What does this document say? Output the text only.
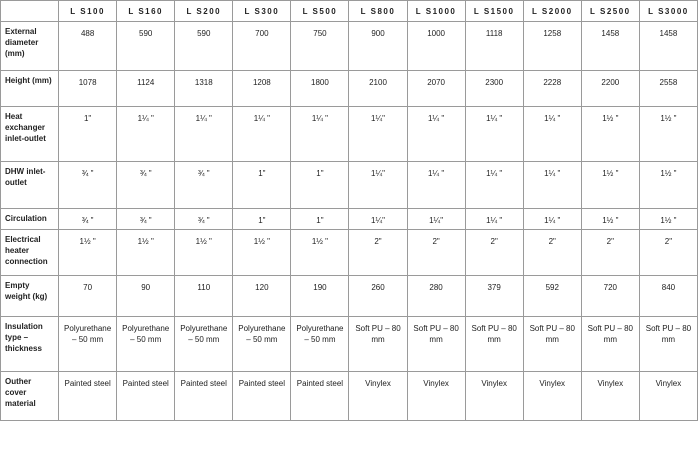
	L S100	L S160	L S200	L S300	L S500	L S800	L S1000	L S1500	L S2000	L S2500	L S3000
External diameter (mm)	488	590	590	700	750	900	1000	1118	1258	1458	1458
Height (mm)	1078	1124	1318	1208	1800	2100	2070	2300	2228	2200	2558
Heat exchanger inlet-outlet	1"	1¼ "	1¼ "	1¼ "	1¼ "	1¼"	1¼ "	1¼ "	1¼ "	1½ "	1½ "
DHW inlet-outlet	¾ "	¾ "	¾ "	1"	1"	1¼"	1¼ "	1¼ "	1¼ "	1½ "	1½ "
Circulation	¾ "	¾ "	¾ "	1"	1"	1¼"	1¼"	1¼ "	1¼ "	1½ "	1½ "
Electrical heater connection	1½ "	1½ "	1½ "	1½ "	1½ "	2"	2"	2"	2"	2"	2"
Empty weight (kg)	70	90	110	120	190	260	280	379	592	720	840
Insulation type – thickness	Polyurethane – 50 mm	Polyurethane – 50 mm	Polyurethane – 50 mm	Polyurethane – 50 mm	Polyurethane – 50 mm	Soft PU – 80 mm	Soft PU – 80 mm	Soft PU – 80 mm	Soft PU – 80 mm	Soft PU – 80 mm	Soft PU – 80 mm
Outher cover material	Painted steel	Painted steel	Painted steel	Painted steel	Painted steel	Vinylex	Vinylex	Vinylex	Vinylex	Vinylex	Vinylex
